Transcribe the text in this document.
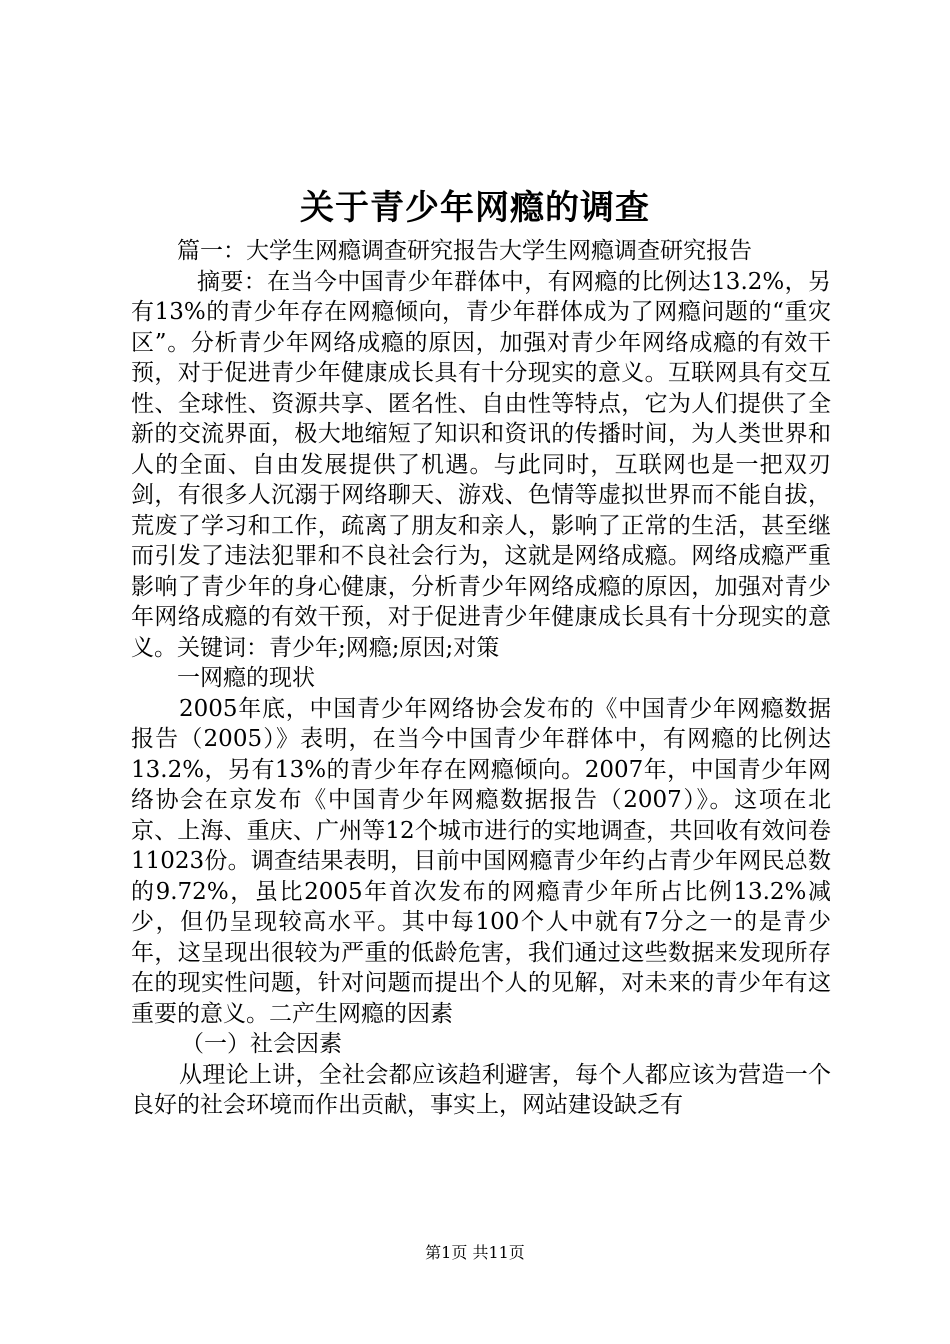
关于青少年网瘾的调查

篇一：大学生网瘾调查研究报告大学生网瘾调查研究报告

摘要：在当今中国青少年群体中，有网瘾的比例达13.2%，另有13%的青少年存在网瘾倾向，青少年群体成为了网瘾问题的“重灾区”。分析青少年网络成瘾的原因，加强对青少年网络成瘾的有效干预，对于促进青少年健康成长具有十分现实的意义。互联网具有交互性、全球性、资源共享、匿名性、自由性等特点，它为人们提供了全新的交流界面，极大地缩短了知识和资讯的传播时间，为人类世界和人的全面、自由发展提供了机遇。与此同时，互联网也是一把双刃剑，有很多人沉溺于网络聊天、游戏、色情等虚拟世界而不能自拔，荒废了学习和工作，疏离了朋友和亲人，影响了正常的生活，甚至继而引发了违法犯罪和不良社会行为，这就是网络成瘾。网络成瘾严重影响了青少年的身心健康，分析青少年网络成瘾的原因，加强对青少年网络成瘾的有效干预，对于促进青少年健康成长具有十分现实的意义。关键词：青少年;网瘾;原因;对策

一网瘾的现状

2005年底，中国青少年网络协会发布的《中国青少年网瘾数据报告（2005）》表明，在当今中国青少年群体中，有网瘾的比例达13.2%，另有13%的青少年存在网瘾倾向。2007年，中国青少年网络协会在京发布《中国青少年网瘾数据报告（2007）》。这项在北京、上海、重庆、广州等12个城市进行的实地调查，共回收有效问卷11023份。调查结果表明，目前中国网瘾青少年约占青少年网民总数的9.72%，虽比2005年首次发布的网瘾青少年所占比例13.2%减少，但仍呈现较高水平。其中每100个人中就有7分之一的是青少年，这呈现出很较为严重的低龄危害，我们通过这些数据来发现所存在的现实性问题，针对问题而提出个人的见解，对未来的青少年有这重要的意义。二产生网瘾的因素

（一）社会因素

从理论上讲，全社会都应该趋利避害，每个人都应该为营造一个良好的社会环境而作出贡献，事实上，网站建设缺乏有

第1页 共11页
